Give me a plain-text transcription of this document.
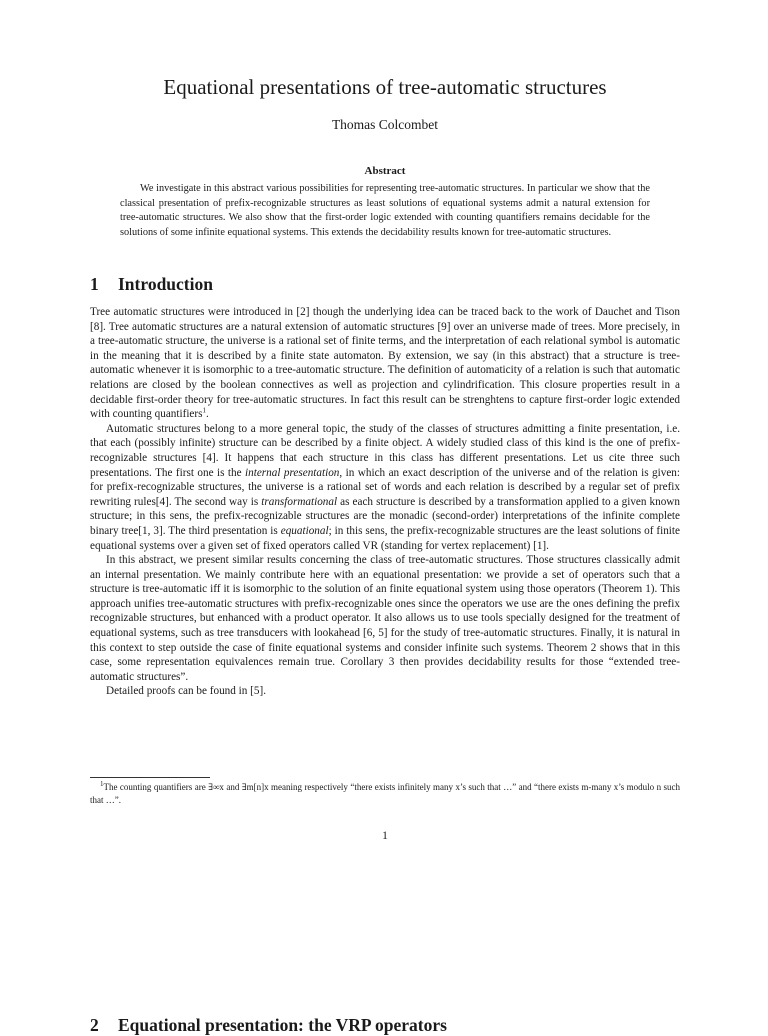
Equational presentations of tree-automatic structures
Thomas Colcombet
Abstract

We investigate in this abstract various possibilities for representing tree-automatic structures. In particular we show that the classical presentation of prefix-recognizable structures as least solutions of equational systems admit a natural extension for tree-automatic structures. We also show that the first-order logic extended with counting quantifiers remains decidable for the solutions of some infinite equational systems. This extends the decidability results known for tree-automatic structures.

1 Introduction

Tree automatic structures were introduced in [2] though the underlying idea can be traced back to the work of Dauchet and Tison [8]. Tree automatic structures are a natural extension of automatic structures [9] over an universe made of trees. More precisely, in a tree-automatic structure, the universe is a rational set of finite terms, and the interpretation of each relational symbol is automatic in the meaning that it is described by a finite state automaton. By extension, we say (in this abstract) that a structure is tree-automatic whenever it is isomorphic to a tree-automatic structure. The definition of automaticity of a relation is such that automatic relations are closed by the boolean connectives as well as projection and cylindrification. This closure properties result in a decidable first-order theory for tree-automatic structures. In fact this result can be strenghtens to capture first-order logic extended with counting quantifiers$^1$.

Automatic structures belong to a more general topic, the study of the classes of structures admitting a finite presentation, i.e. that each (possibly infinite) structure can be described by a finite object. A widely studied class of this kind is the one of prefix-recognizable structures [4]. It happens that each structure in this class has different presentations. Let us cite three such presentations. The first one is the internal presentation, in which an exact description of the universe and of the relation is given: for prefix-recognizable structures, the universe is a rational set of words and each relation is described by a regular set of prefix rewriting rules[4]. The second way is transformational as each structure is described by a transformation applied to a given known structure; in this sens, the prefix-recognizable structures are the monadic (second-order) interpretations of the infinite complete binary tree[1, 3]. The third presentation is equational; in this sens, the prefix-recognizable structures are the least solutions of finite equational systems over a given set of fixed operators called VR (standing for vertex replacement) [1].

In this abstract, we present similar results concerning the class of tree-automatic structures. Those structures classically admit an internal presentation. We mainly contribute here with an equational presentation: we provide a set of operators such that a structure is tree-automatic iff it is isomorphic to the solution of an finite equational system using those operators (Theorem 1). This approach unifies tree-automatic structures with prefix-recognizable ones since the operators we use are the ones defining the prefix recognizable structures, but enhanced with a product operator. It also allows us to use tools specially designed for the treatment of equational systems, such as tree transducers with lookahead [6, 5] for the study of tree-automatic structures. Finally, it is natural in this context to step outside the case of finite equational systems and consider infinite such systems. Theorem 2 shows that in this case, some representation equivalences remain true. Corollary 3 then provides decidability results for those “extended tree-automatic structures”.

Detailed proofs can be found in [5].

$^1$The counting quantifiers are ∃∞x and ∃m[n]x meaning respectively “there exists infinitely many x’s such that …” and “there exists m-many x’s modulo n such that …”.

1
2 Equational presentation: the VRP operators
